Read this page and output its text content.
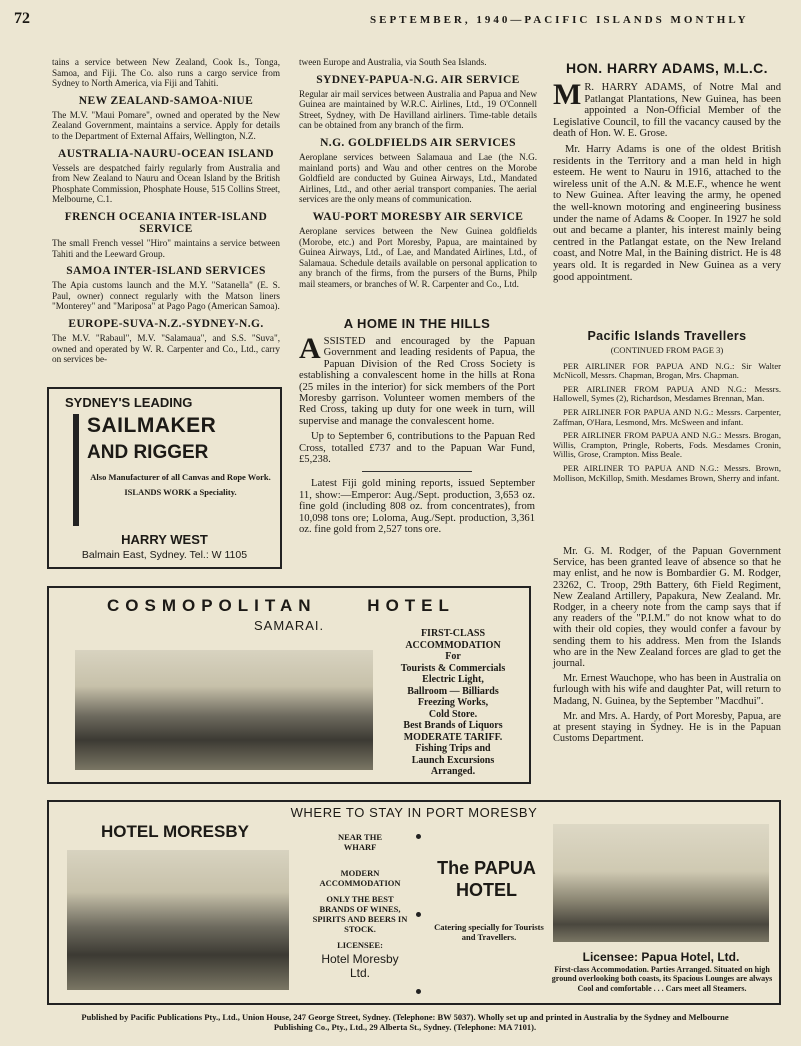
72	SEPTEMBER, 1940—PACIFIC ISLANDS MONTHLY

tains a service between New Zealand, Cook Is., Tonga, Samoa, and Fiji. The Co. also runs a cargo service from Sydney to North America, via Fiji and Tahiti.

NEW ZEALAND-SAMOA-NIUE

The M.V. "Maui Pomare", owned and operated by the New Zealand Government, maintains a service. Apply for details to the Department of External Affairs, Wellington, N.Z.

AUSTRALIA-NAURU-OCEAN ISLAND

Vessels are despatched fairly regularly from Australia and from New Zealand to Nauru and Ocean Island by the British Phosphate Commission, Phosphate House, 515 Collins Street, Melbourne, C.1.

FRENCH OCEANIA INTER-ISLAND SERVICE

The small French vessel "Hiro" maintains a service between Tahiti and the Leeward Group.

SAMOA INTER-ISLAND SERVICES

The Apia customs launch and the M.Y. "Satanella" (E. S. Paul, owner) connect regularly with the Matson liners "Monterey" and "Mariposa" at Pago Pago (American Samoa).

EUROPE-SUVA-N.Z.-SYDNEY-N.G.

The M.V. "Rabaul", M.V. "Salamaua", and S.S. "Suva", owned and operated by W. R. Carpenter and Co., Ltd., carry on services be-

SYDNEY'S LEADING
SAILMAKER
AND RIGGER
Also Manufacturer of all Canvas and Rope Work.
ISLANDS WORK a Speciality.
HARRY WEST
Balmain East, Sydney. Tel.: W 1105

tween Europe and Australia, via South Sea Islands.

SYDNEY-PAPUA-N.G. AIR SERVICE

Regular air mail services between Australia and Papua and New Guinea are maintained by W.R.C. Airlines, Ltd., 19 O'Connell Street, Sydney, with De Havilland airliners. Time-table details can be obtained from any branch of the firm.

N.G. GOLDFIELDS AIR SERVICES

Aeroplane services between Salamaua and Lae (the N.G. mainland ports) and Wau and other centres on the Morobe Goldfield are conducted by Guinea Airways, Ltd., Mandated Airlines, Ltd., and other aerial transport companies. The aerial services are the only means of communication.

WAU-PORT MORESBY AIR SERVICE

Aeroplane services between the New Guinea goldfields (Morobe, etc.) and Port Moresby, Papua, are maintained by Guinea Airways, Ltd., of Lae, and Mandated Airlines, Ltd., of Salamaua. Schedule details available on personal application to any branch of the firms, from the pursers of the Burns, Philp mail steamers, or branches of W. R. Carpenter and Co., Ltd.

A HOME IN THE HILLS

ASSISTED and encouraged by the Papuan Government and leading residents of Papua, the Papuan Division of the Red Cross Society is establishing a convalescent home in the hills at Rona (25 miles in the interior) for sick members of the Port Moresby garrison. Volunteer women members of the Red Cross, taking up duty for one week in turn, will supervise and manage the convalescent home.

Up to September 6, contributions to the Papuan Red Cross, totalled £737 and to the Papuan War Fund, £5,238.

Latest Fiji gold mining reports, issued September 11, show:—Emperor: Aug./Sept. production, 3,653 oz. fine gold (including 808 oz. from concentrates), from 10,098 tons ore; Loloma, Aug./Sept. production, 3,361 oz. fine gold from 2,527 tons ore.

HON. HARRY ADAMS, M.L.C.

M R. HARRY ADAMS, of Notre Mal and Patlangat Plantations, New Guinea, has been appointed a Non-Official Member of the Legislative Council, to fill the vacancy caused by the death of Hon. W. E. Grose.

Mr. Harry Adams is one of the oldest British residents in the Territory and a man held in high esteem. He went to Nauru in 1916, attached to the wireless unit of the A.N. & M.E.F., whence he went to New Guinea. After leaving the army, he opened the well-known motoring and engineering business under the name of Adams & Cooper. In 1927 he sold out and became a planter, his interest mainly being centred in the Patlangat estate, on the New Ireland coast, and Notre Mal, in the Baining district. He is 48 years old. It is regarded in New Guinea as a very good appointment.

Pacific Islands Travellers
(CONTINUED FROM PAGE 3)

PER AIRLINER FOR PAPUA AND N.G.: Sir Walter McNicoll, Messrs. Chapman, Brogan, Mrs. Chapman.

PER AIRLINER FROM PAPUA AND N.G.: Messrs. Hallowell, Symes (2), Richardson, Mesdames Brennan, Man.

PER AIRLINER FOR PAPUA AND N.G.: Messrs. Carpenter, Zaffman, O'Hara, Lesmond, Mrs. McSween and infant.

PER AIRLINER FROM PAPUA AND N.G.: Messrs. Brogan, Willis, Crampton, Pringle, Roberts, Fods. Mesdames Cronin, Willis, Grose, Crampton. Miss Beale.

PER AIRLINER TO PAPUA AND N.G.: Messrs. Brown, Mollison, McKillop, Smith. Mesdames Brown, Sherry and infant.

Mr. G. M. Rodger, of the Papuan Government Service, has been granted leave of absence so that he may enlist, and he now is Bombardier G. M. Rodger, 23262, C. Troop, 29th Battery, 6th Field Regiment, New Zealand Artillery, Papakura, New Zealand. Mr. Rodger, in a cheery note from the camp says that if any readers of the "P.I.M." do not know what to do with their old copies, they would confer a favour by sending them to his address. Men from the Islands who are in the New Zealand forces are glad to get the journal.

Mr. Ernest Wauchope, who has been in Australia on furlough with his wife and daughter Pat, will return to Madang, N. Guinea, by the September "Macdhui".

Mr. and Mrs. A. Hardy, of Port Moresby, Papua, are at present staying in Sydney. He is in the Papuan Customs Department.

COSMOPOLITAN HOTEL
SAMARAI.
FIRST-CLASS
ACCOMMODATION
For
Tourists & Commercials
Electric Light,
Ballroom — Billiards
Freezing Works,
Cold Store.
Best Brands of Liquors
MODERATE TARIFF.
Fishing Trips and
Launch Excursions
Arranged.
WHERE TO STAY IN PORT MORESBY
HOTEL MORESBY	NEAR THE WHARF
MODERN ACCOMMODATION
ONLY THE BEST BRANDS OF WINES, SPIRITS AND BEERS IN STOCK.
LICENSEE:
Hotel Moresby Ltd.
The PAPUA
HOTEL
Catering specially for Tourists and Travellers.
Licensee: Papua Hotel, Ltd.
First-class Accommodation. Parties Arranged. Situated on high ground overlooking both coasts, its Spacious Lounges are always Cool and comfortable . . . Cars meet all Steamers.
Published by Pacific Publications Pty., Ltd., Union House, 247 George Street, Sydney. (Telephone: BW 5037). Wholly set up and printed in Australia by the Sydney and Melbourne Publishing Co., Pty., Ltd., 29 Alberta St., Sydney. (Telephone: MA 7101).
